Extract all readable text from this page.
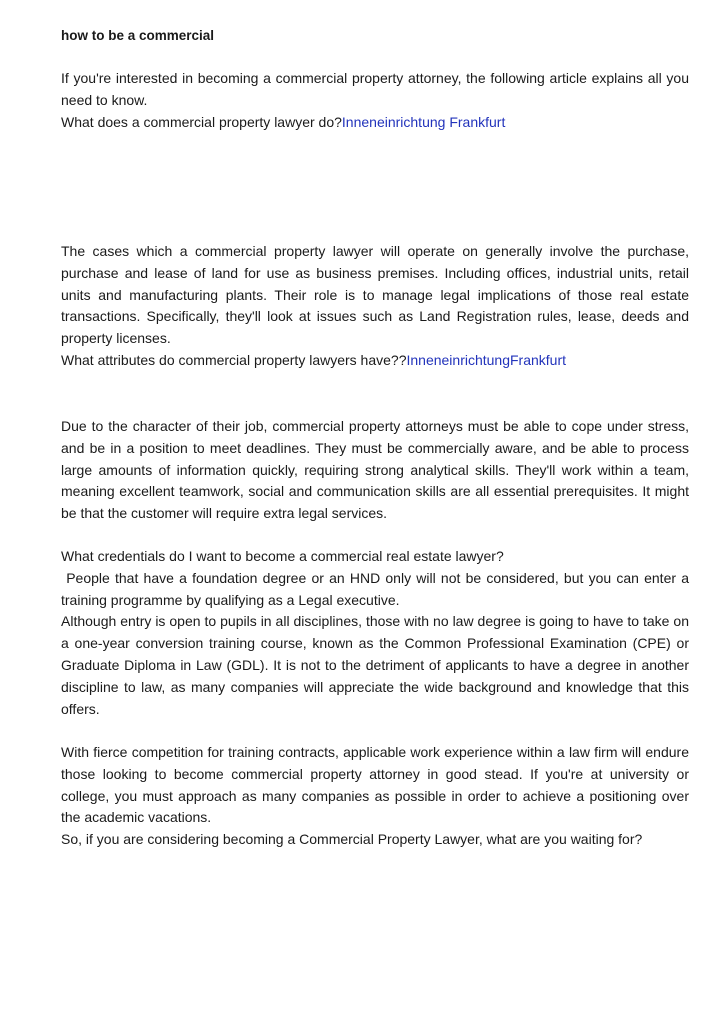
how to be a commercial
If you're interested in becoming a commercial property attorney, the following article explains all you need to know.
What does a commercial property lawyer do?Inneneinrichtung Frankfurt
The cases which a commercial property lawyer will operate on generally involve the purchase, purchase and lease of land for use as business premises. Including offices, industrial units, retail units and manufacturing plants. Their role is to manage legal implications of those real estate transactions. Specifically, they'll look at issues such as Land Registration rules, lease, deeds and property licenses.
What attributes do commercial property lawyers have??InneneinrichtungFrankfurt
Due to the character of their job, commercial property attorneys must be able to cope under stress, and be in a position to meet deadlines. They must be commercially aware, and be able to process large amounts of information quickly, requiring strong analytical skills. They'll work within a team, meaning excellent teamwork, social and communication skills are all essential prerequisites. It might be that the customer will require extra legal services.
What credentials do I want to become a commercial real estate lawyer?
People that have a foundation degree or an HND only will not be considered, but you can enter a training programme by qualifying as a Legal executive.
Although entry is open to pupils in all disciplines, those with no law degree is going to have to take on a one-year conversion training course, known as the Common Professional Examination (CPE) or Graduate Diploma in Law (GDL). It is not to the detriment of applicants to have a degree in another discipline to law, as many companies will appreciate the wide background and knowledge that this offers.
With fierce competition for training contracts, applicable work experience within a law firm will endure those looking to become commercial property attorney in good stead. If you're at university or college, you must approach as many companies as possible in order to achieve a positioning over the academic vacations.
So, if you are considering becoming a Commercial Property Lawyer, what are you waiting for?
